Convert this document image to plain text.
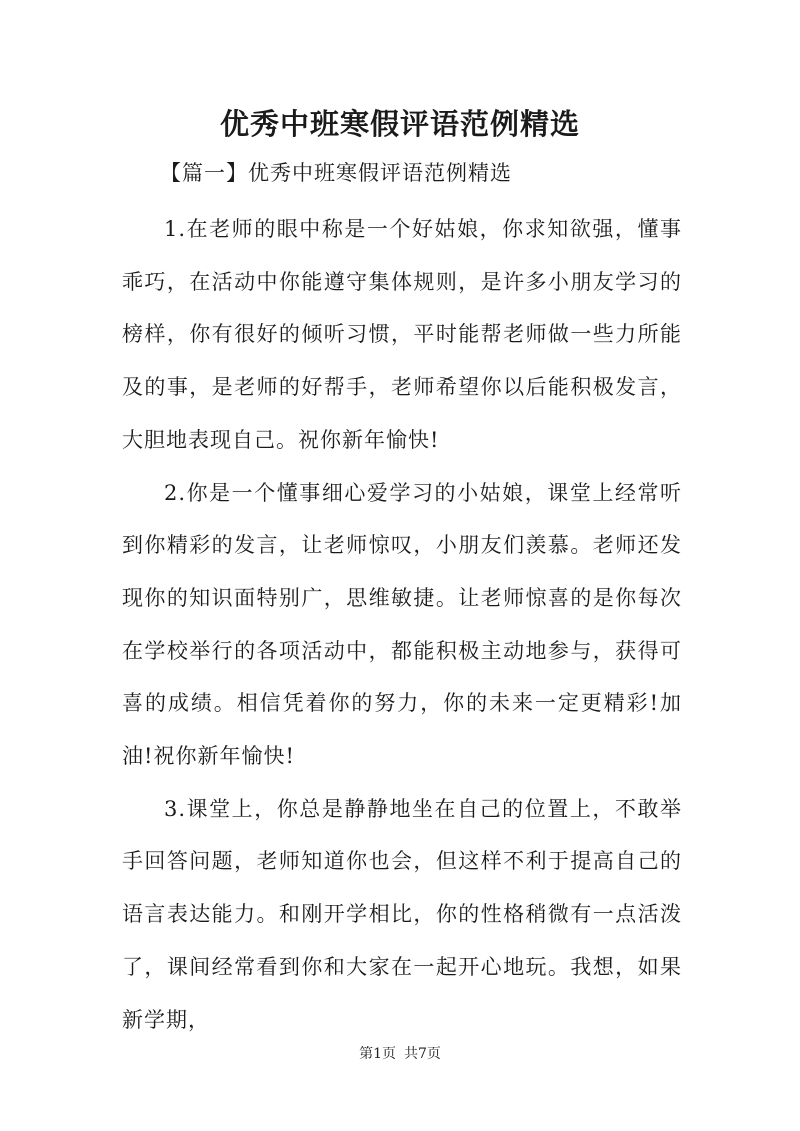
优秀中班寒假评语范例精选

【篇一】优秀中班寒假评语范例精选

1.在老师的眼中称是一个好姑娘，你求知欲强，懂事乖巧，在活动中你能遵守集体规则，是许多小朋友学习的榜样，你有很好的倾听习惯，平时能帮老师做一些力所能及的事，是老师的好帮手，老师希望你以后能积极发言，大胆地表现自己。祝你新年愉快!

2.你是一个懂事细心爱学习的小姑娘，课堂上经常听到你精彩的发言，让老师惊叹，小朋友们羡慕。老师还发现你的知识面特别广，思维敏捷。让老师惊喜的是你每次在学校举行的各项活动中，都能积极主动地参与，获得可喜的成绩。相信凭着你的努力，你的未来一定更精彩!加油!祝你新年愉快!

3.课堂上，你总是静静地坐在自己的位置上，不敢举手回答问题，老师知道你也会，但这样不利于提高自己的语言表达能力。和刚开学相比，你的性格稍微有一点活泼了，课间经常看到你和大家在一起开心地玩。我想，如果新学期，

第1页 共7页
